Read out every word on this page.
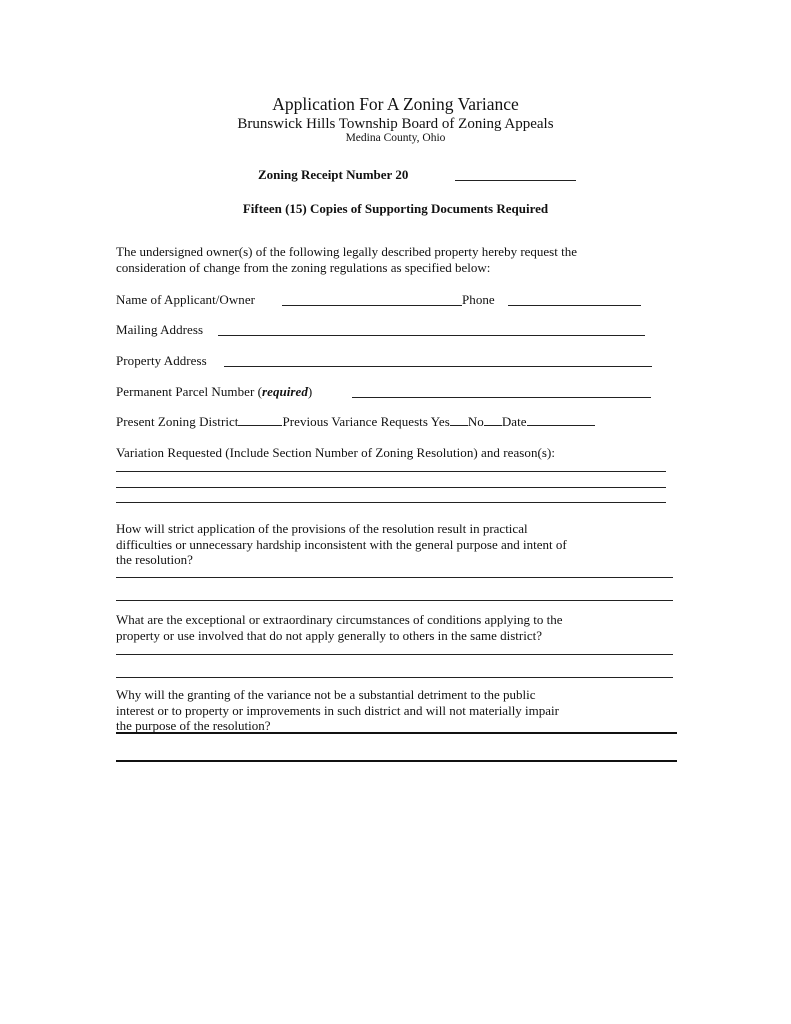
Application For A Zoning Variance
Brunswick Hills Township Board of Zoning Appeals
Medina County, Ohio
Zoning Receipt Number 20
Fifteen (15) Copies of Supporting Documents Required
The undersigned owner(s) of the following legally described property hereby request the
consideration of change from the zoning regulations as specified below:
Name of Applicant/Owner	Phone
Mailing Address
Property Address
Permanent Parcel Number (required)
Present Zoning District	Previous Variance Requests Yes No Date
Variation Requested (Include Section Number of Zoning Resolution) and reason(s):
How will strict application of the provisions of the resolution result in practical
difficulties or unnecessary hardship inconsistent with the general purpose and intent of
the resolution?
What are the exceptional or extraordinary circumstances of conditions applying to the
property or use involved that do not apply generally to others in the same district?
Why will the granting of the variance not be a substantial detriment to the public
interest or to property or improvements in such district and will not materially impair
the purpose of the resolution?
